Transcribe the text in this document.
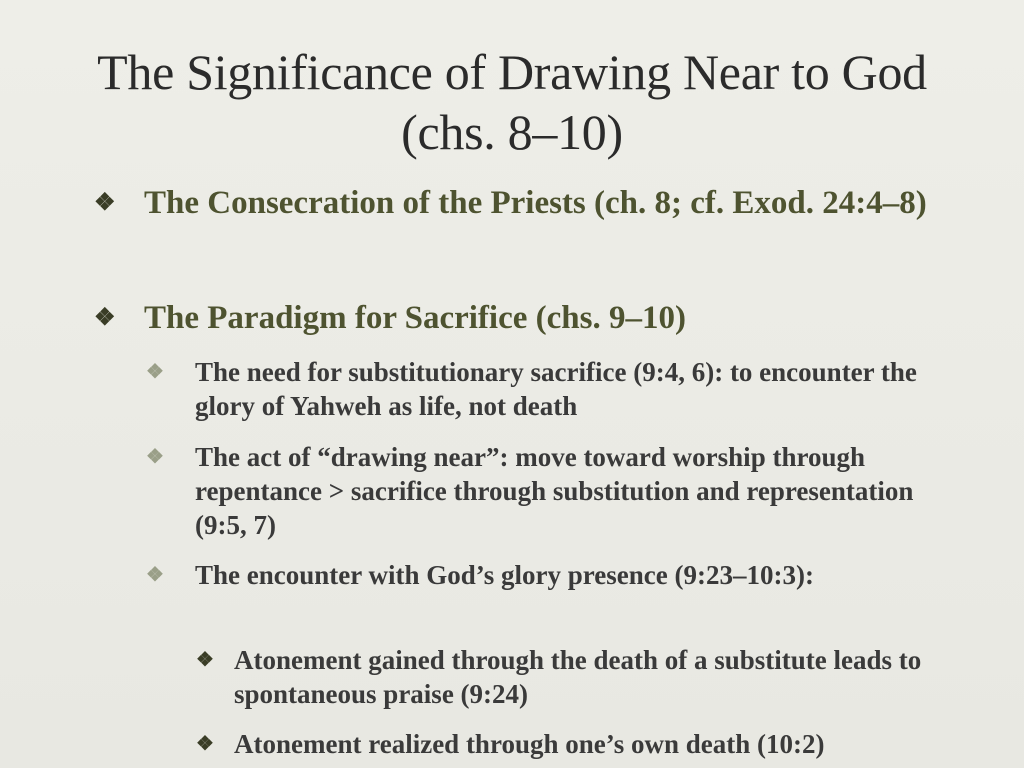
The Significance of Drawing Near to God (chs. 8–10)
❖ The Consecration of the Priests (ch. 8; cf. Exod. 24:4–8)
❖ The Paradigm for Sacrifice (chs. 9–10)
❖ The need for substitutionary sacrifice (9:4, 6): to encounter the glory of Yahweh as life, not death
❖ The act of “drawing near”: move toward worship through repentance > sacrifice through substitution and representation (9:5, 7)
❖ The encounter with God’s glory presence (9:23–10:3):
❖ Atonement gained through the death of a substitute leads to spontaneous praise (9:24)
❖ Atonement realized through one’s own death (10:2)
